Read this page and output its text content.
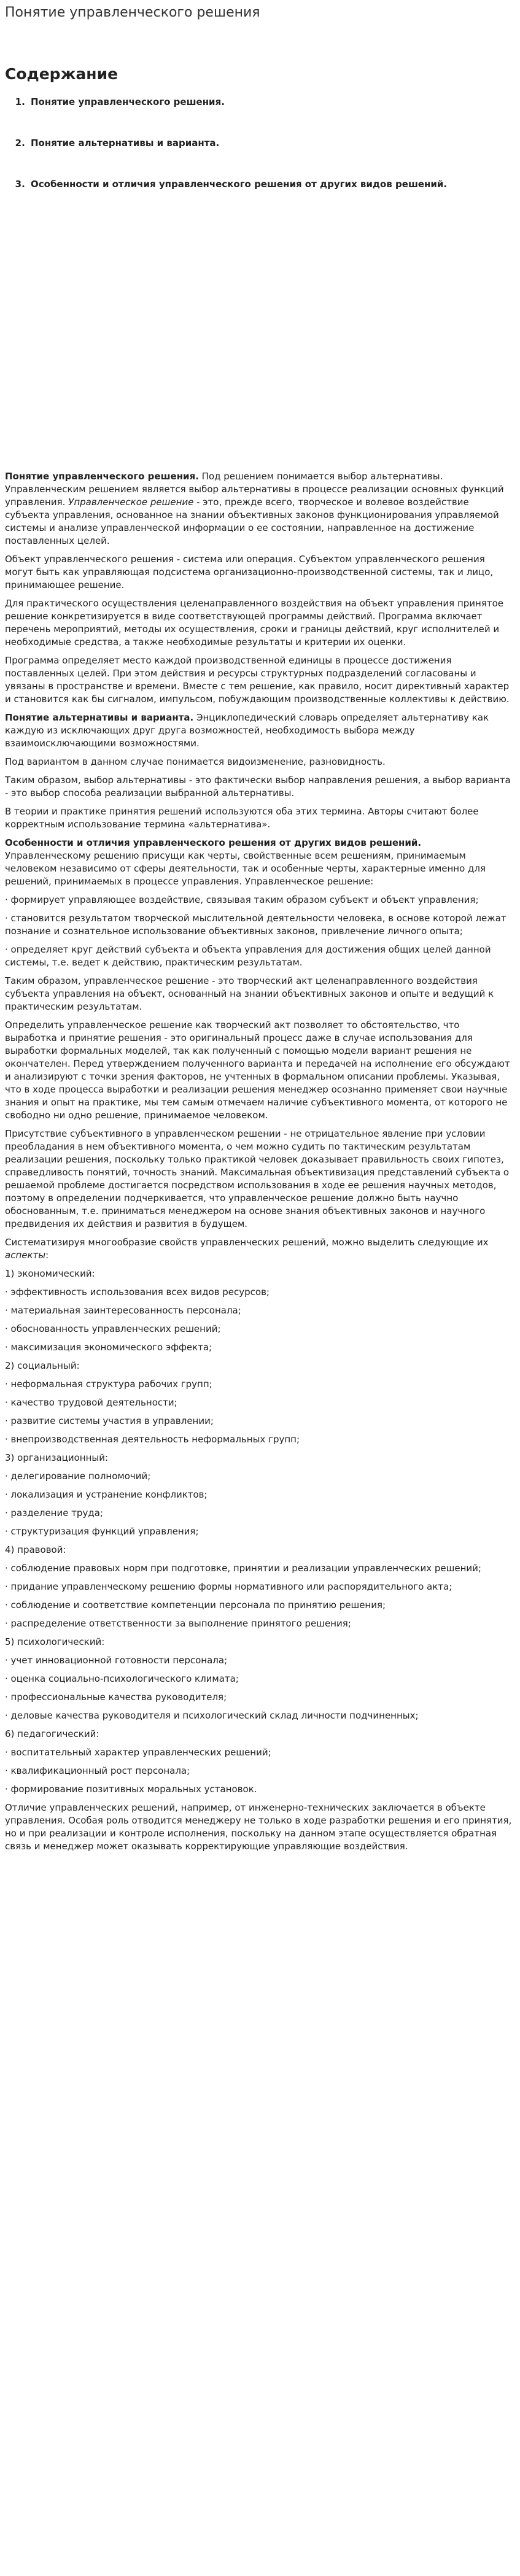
Понятие управленческого решения
Содержание
1. Понятие управленческого решения.
2. Понятие альтернативы и варианта.
3. Особенности и отличия управленческого решения от других видов решений.

Понятие управленческого решения. Под решением понимается выбор альтернативы. Управленческим решением является выбор альтернативы в процессе реализации основных функций управления. Управленческое решение - это, прежде всего, творческое и волевое воздействие субъекта управления, основанное на знании объективных законов функционирования управляемой системы и анализе управленческой информации о ее состоянии, направленное на достижение поставленных целей.

Объект управленческого решения - система или операция. Субъектом управленческого решения могут быть как управляющая подсистема организационно-производственной системы, так и лицо, принимающее решение.

Для практического осуществления целенаправленного воздействия на объект управления принятое решение конкретизируется в виде соответствующей программы действий. Программа включает перечень мероприятий, методы их осуществления, сроки и границы действий, круг исполнителей и необходимые средства, а также необходимые результаты и критерии их оценки.

Программа определяет место каждой производственной единицы в процессе достижения поставленных целей. При этом действия и ресурсы структурных подразделений согласованы и увязаны в пространстве и времени. Вместе с тем решение, как правило, носит директивный характер и становится как бы сигналом, импульсом, побуждающим производственные коллективы к действию.

Понятие альтернативы и варианта. Энциклопедический словарь определяет альтернативу как каждую из исключающих друг друга возможностей, необходимость выбора между взаимоисключающими возможностями.

Под вариантом в данном случае понимается видоизменение, разновидность.

Таким образом, выбор альтернативы - это фактически выбор направления решения, а выбор варианта - это выбор способа реализации выбранной альтернативы.

В теории и практике принятия решений используются оба этих термина. Авторы считают более корректным использование термина «альтернатива».

Особенности и отличия управленческого решения от других видов решений.
Управленческому решению присущи как черты, свойственные всем решениям, принимаемым человеком независимо от сферы деятельности, так и особенные черты, характерные именно для решений, принимаемых в процессе управления. Управленческое решение:

· формирует управляющее воздействие, связывая таким образом субъект и объект управления;

· становится результатом творческой мыслительной деятельности человека, в основе которой лежат познание и сознательное использование объективных законов, привлечение личного опыта;

· определяет круг действий субъекта и объекта управления для достижения общих целей данной системы, т.е. ведет к действию, практическим результатам.

Таким образом, управленческое решение - это творческий акт целенаправленного воздействия субъекта управления на объект, основанный на знании объективных законов и опыте и ведущий к практическим результатам.

Определить управленческое решение как творческий акт позволяет то обстоятельство, что выработка и принятие решения - это оригинальный процесс даже в случае использования для выработки формальных моделей, так как полученный с помощью модели вариант решения не окончателен. Перед утверждением полученного варианта и передачей на исполнение его обсуждают и анализируют с точки зрения факторов, не учтенных в формальном описании проблемы. Указывая, что в ходе процесса выработки и реализации решения менеджер осознанно применяет свои научные знания и опыт на практике, мы тем самым отмечаем наличие субъективного момента, от которого не свободно ни одно решение, принимаемое человеком.

Присутствие субъективного в управленческом решении - не отрицательное явление при условии преобладания в нем объективного момента, о чем можно судить по тактическим результатам реализации решения, поскольку только практикой человек доказывает правильность своих гипотез, справедливость понятий, точность знаний. Максимальная объективизация представлений субъекта о решаемой проблеме достигается посредством использования в ходе ее решения научных методов, поэтому в определении подчеркивается, что управленческое решение должно быть научно обоснованным, т.е. приниматься менеджером на основе знания объективных законов и научного предвидения их действия и развития в будущем.

Систематизируя многообразие свойств управленческих решений, можно выделить следующие их аспекты:

1) экономический:

· эффективность использования всех видов ресурсов;

· материальная заинтересованность персонала;

· обоснованность управленческих решений;

· максимизация экономического эффекта;

2) социальный:

· неформальная структура рабочих групп;

· качество трудовой деятельности;

· развитие системы участия в управлении;

· внепроизводственная деятельность неформальных групп;

3) организационный:

· делегирование полномочий;

· локализация и устранение конфликтов;

· разделение труда;

· структуризация функций управления;

4) правовой:

· соблюдение правовых норм при подготовке, принятии и реализации управленческих решений;

· придание управленческому решению формы нормативного или распорядительного акта;

· соблюдение и соответствие компетенции персонала по принятию решения;

· распределение ответственности за выполнение принятого решения;

5) психологический:

· учет инновационной готовности персонала;

· оценка социально-психологического климата;

· профессиональные качества руководителя;

· деловые качества руководителя и психологический склад личности подчиненных;

6) педагогический:

· воспитательный характер управленческих решений;

· квалификационный рост персонала;

· формирование позитивных моральных установок.

Отличие управленческих решений, например, от инженерно-технических заключается в объекте управления. Особая роль отводится менеджеру не только в ходе разработки решения и его принятия, но и при реализации и контроле исполнения, поскольку на данном этапе осуществляется обратная связь и менеджер может оказывать корректирующие управляющие воздействия.
